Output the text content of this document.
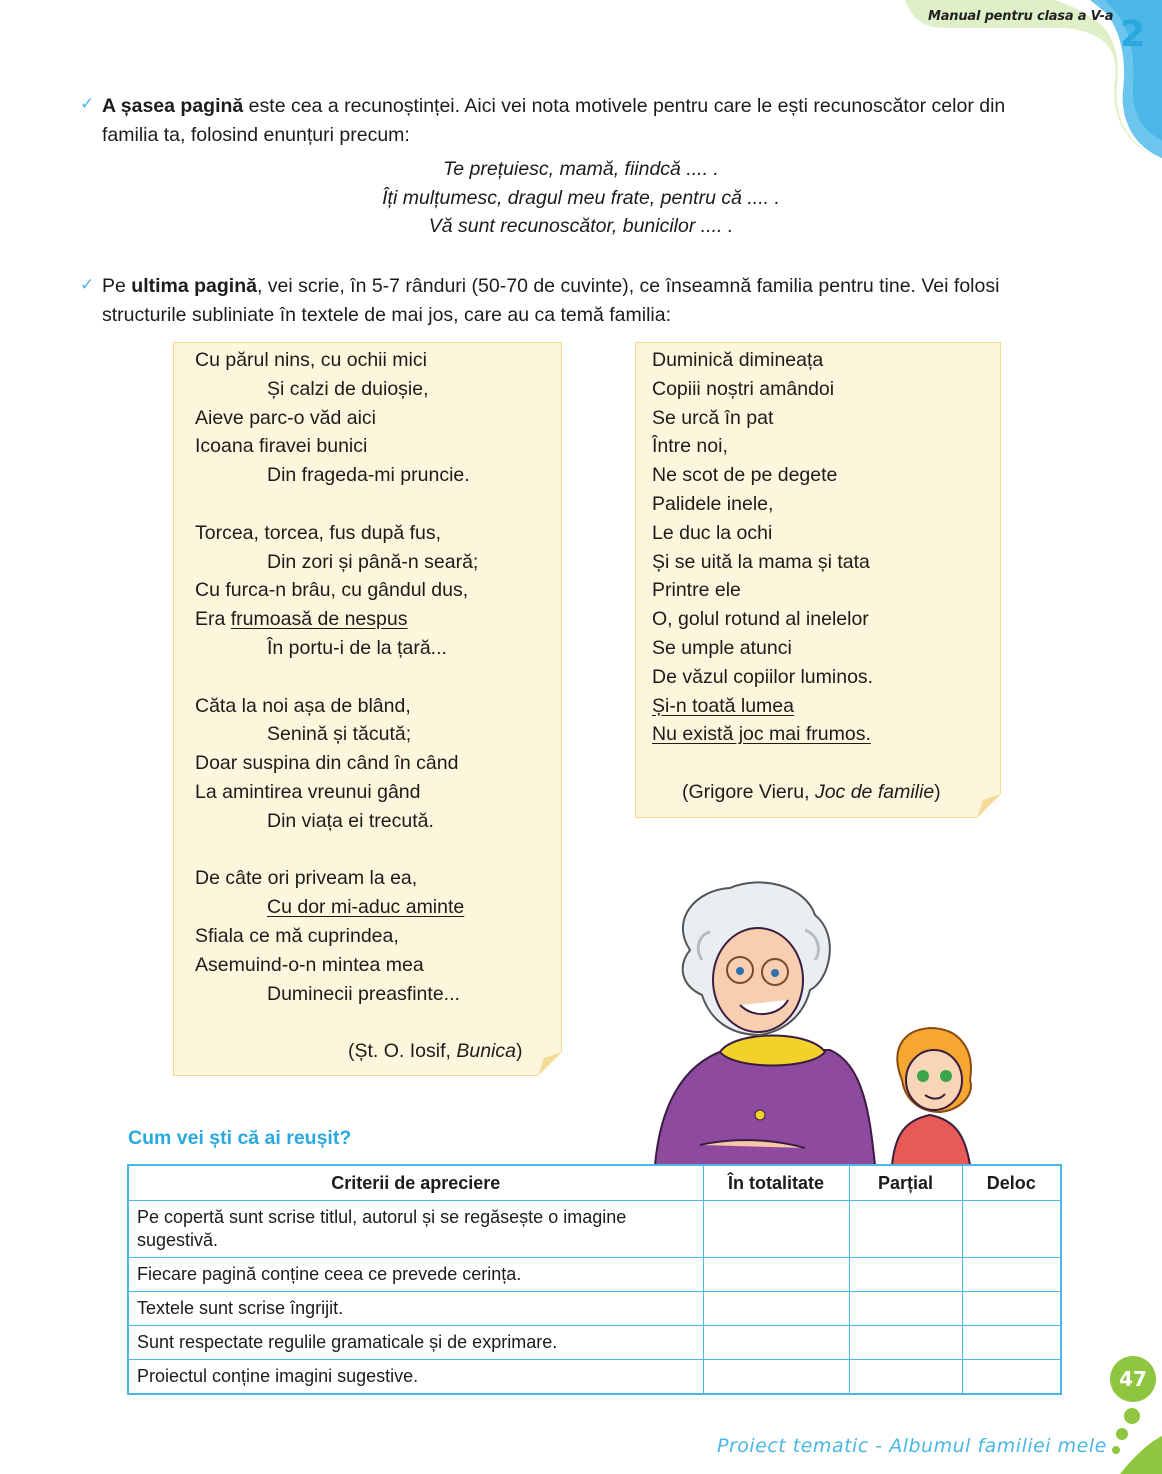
Manual pentru clasa a V-a 2
✓ A șasea pagină este cea a recunoștinței. Aici vei nota motivele pentru care le ești recunoscător celor din
familia ta, folosind enunțuri precum:
Te prețuiesc, mamă, fiindcă .... .
Îți mulțumesc, dragul meu frate, pentru că .... .
Vă sunt recunoscător, bunicilor .... .
✓ Pe ultima pagină, vei scrie, în 5-7 rânduri (50-70 de cuvinte), ce înseamnă familia pentru tine. Vei folosi
structurile subliniate în textele de mai jos, care au ca temă familia:
Cu părul nins, cu ochii mici
Și calzi de duioșie,
Aieve parc-o văd aici
Icoana firavei bunici
Din fragedа-mi pruncie.
Torcea, torcea, fus după fus,
Din zori și până-n seară;
Cu furca-n brâu, cu gândul dus,
Era frumoasă de nespus
În portu-i de la țară...
Căta la noi așa de blând,
Senină și tăcută;
Doar suspina din când în când
La amintirea vreunui gând
Din viața ei trecută.
De câte ori priveam la ea,
Cu dor mi-aduc aminte
Sfiala ce mă cuprindea,
Asemuind-o-n mintea mea
Duminecii preasfinte...
(Șt. O. Iosif, Bunica)
Duminică dimineața
Copiii noștri amândoi
Se urcă în pat
Între noi,
Ne scot de pe degete
Palidele inele,
Le duc la ochi
Și se uită la mama și tata
Printre ele
O, golul rotund al inelelor
Se umple atunci
De văzul copiilor luminos.
Și-n toată lumea
Nu există joc mai frumos.
(Grigore Vieru, Joc de familie)
Cum vei ști că ai reușit?
Criterii de apreciere	În totalitate	Parțial	Deloc
Pe copertă sunt scrise titlul, autorul și se regăsește o imagine sugestivă.			
Fiecare pagină conține ceea ce prevede cerința.			
Textele sunt scrise îngrijit.			
Sunt respectate regulile gramaticale și de exprimare.			
Proiectul conține imagini sugestive.				47
Proiect tematic - Albumul familiei mele
